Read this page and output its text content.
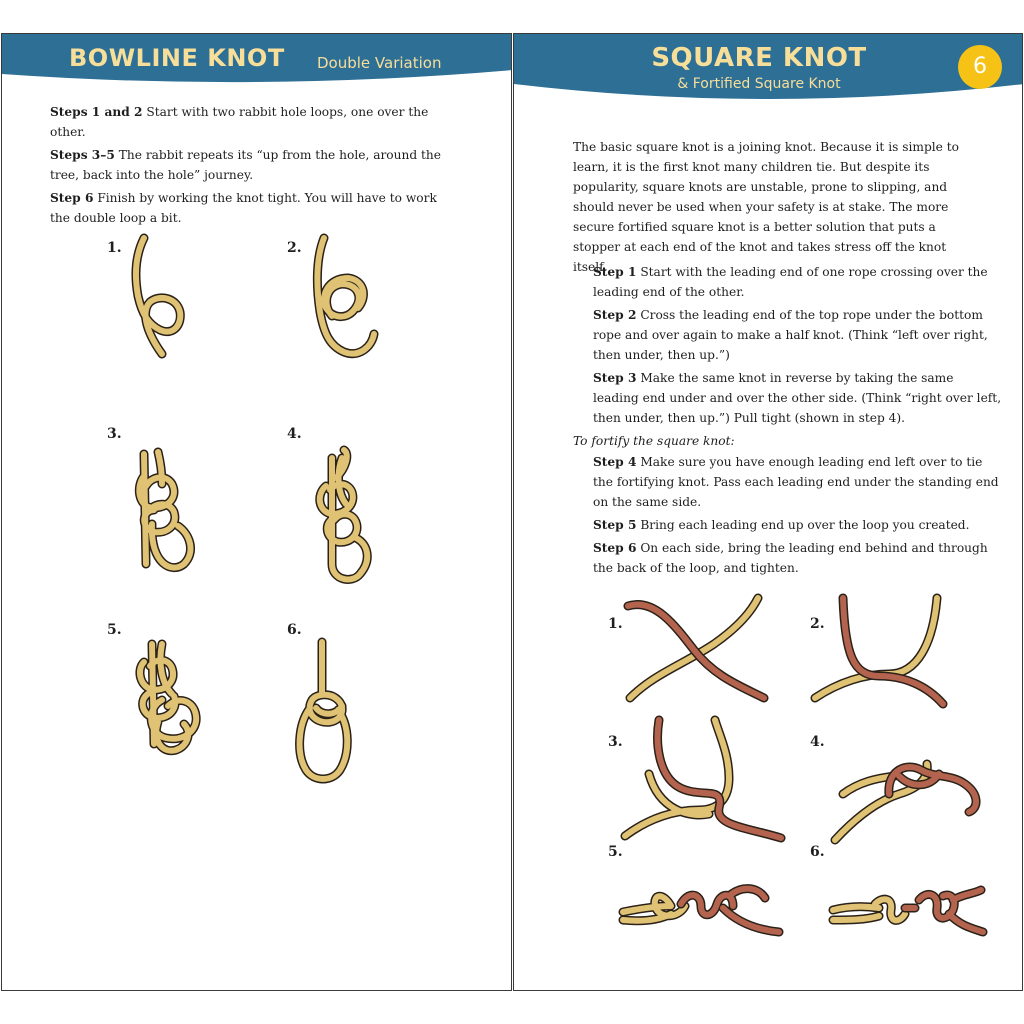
BOWLINE KNOT Double Variation

Steps 1 and 2 Start with two rabbit hole loops, one over the other.

Steps 3–5 The rabbit repeats its “up from the hole, around the tree, back into the hole” journey.

Step 6 Finish by working the knot tight. You will have to work the double loop a bit.

1.	2.
3.	4.
5.	6.
SQUARE KNOT
& Fortified Square Knot
6
The basic square knot is a joining knot. Because it is simple to learn, it is the first knot many children tie. But despite its popularity, square knots are unstable, prone to slipping, and should never be used when your safety is at stake. The more secure fortified square knot is a better solution that puts a stopper at each end of the knot and takes stress off the knot itself.

Step 1 Start with the leading end of one rope crossing over the leading end of the other.

Step 2 Cross the leading end of the top rope under the bottom rope and over again to make a half knot. (Think “left over right, then under, then up.”)

Step 3 Make the same knot in reverse by taking the same leading end under and over the other side. (Think “right over left, then under, then up.”) Pull tight (shown in step 4).

To fortify the square knot:

Step 4 Make sure you have enough leading end left over to tie the fortifying knot. Pass each leading end under the standing end on the same side.

Step 5 Bring each leading end up over the loop you created.

Step 6 On each side, bring the leading end behind and through the back of the loop, and tighten.

1.	2.
3.	4.
5.	6.
